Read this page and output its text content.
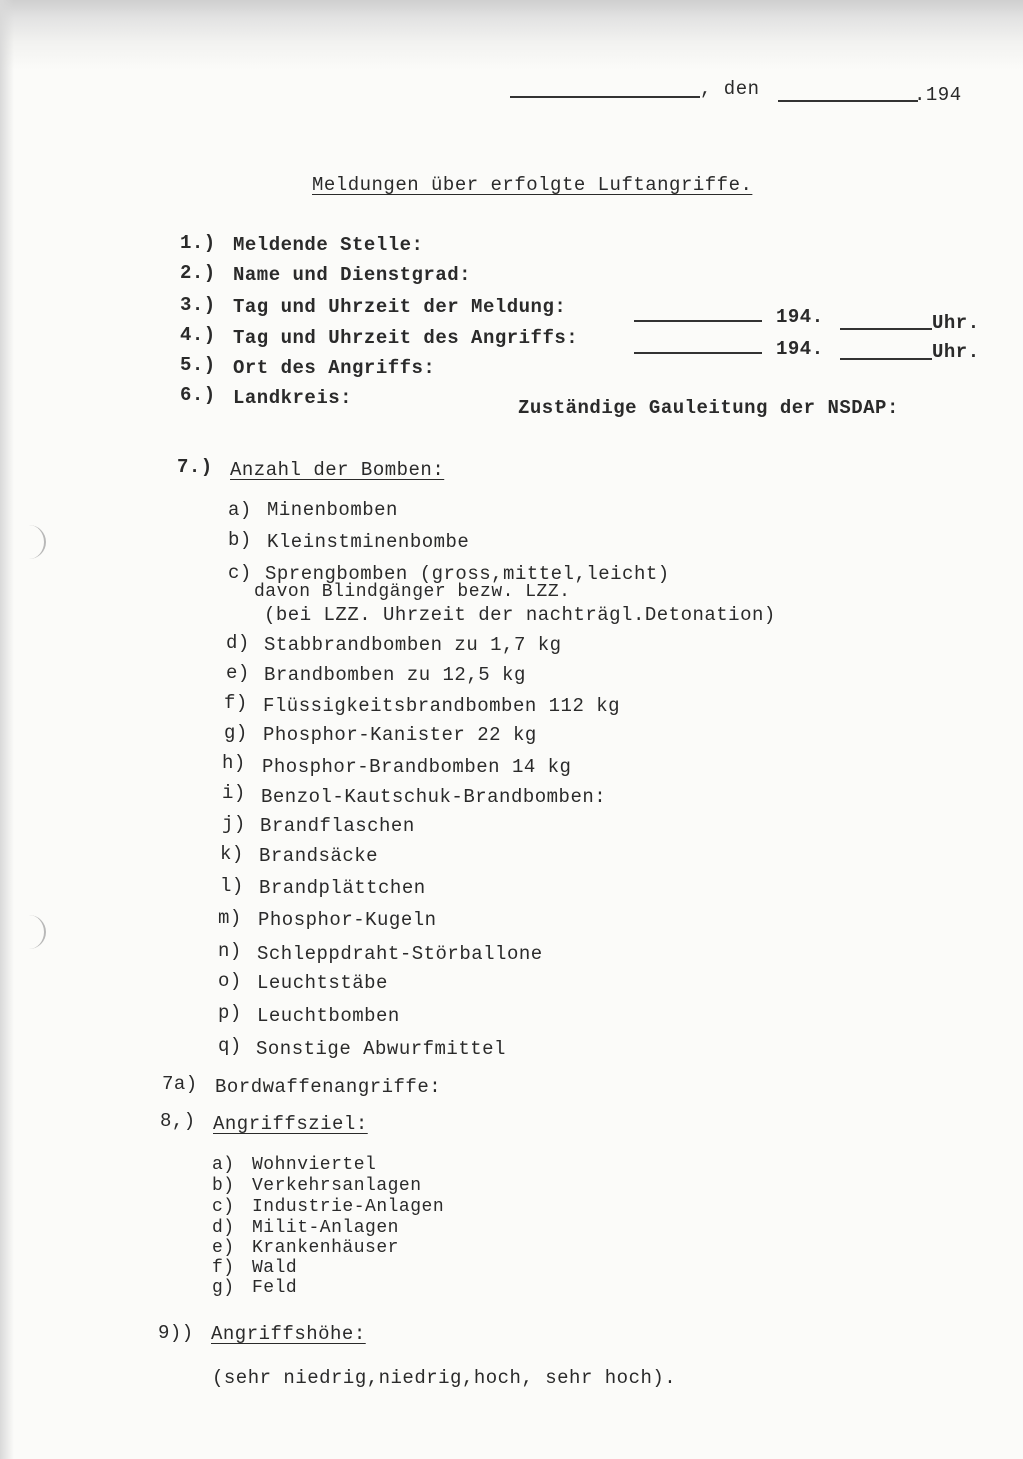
, den	.194
Meldungen über erfolgte Luftangriffe.
1.) Meldende Stelle:
2.) Name und Dienstgrad:
3.) Tag und Uhrzeit der Meldung:	194.	Uhr.
4.) Tag und Uhrzeit des Angriffs:	194.	Uhr.
5.) Ort des Angriffs:
6.) Landkreis:	Zuständige Gauleitung der NSDAP:
7.) Anzahl der Bomben:
a) Minenbomben
b) Kleinstminenbombe
c) Sprengbomben (gross,mittel,leicht)
davon Blindgänger bezw. LZZ.
(bei LZZ. Uhrzeit der nachträgl.Detonation)
d) Stabbrandbomben zu 1,7 kg
e) Brandbomben zu 12,5 kg
f) Flüssigkeitsbrandbomben 112 kg
g) Phosphor-Kanister 22 kg
h) Phosphor-Brandbomben 14 kg
i) Benzol-Kautschuk-Brandbomben:
j) Brandflaschen
k) Brandsäcke
l) Brandplättchen
m) Phosphor-Kugeln
n) Schleppdraht-Störballone
o) Leuchtstäbe
p) Leuchtbomben
q) Sonstige Abwurfmittel
7a) Bordwaffenangriffe:
8,) Angriffsziel:
a) Wohnviertel
b) Verkehrsanlagen
c) Industrie-Anlagen
d) Milit-Anlagen
e) Krankenhäuser
f) Wald
g) Feld
9)) Angriffshöhe:
(sehr niedrig,niedrig,hoch, sehr hoch).
